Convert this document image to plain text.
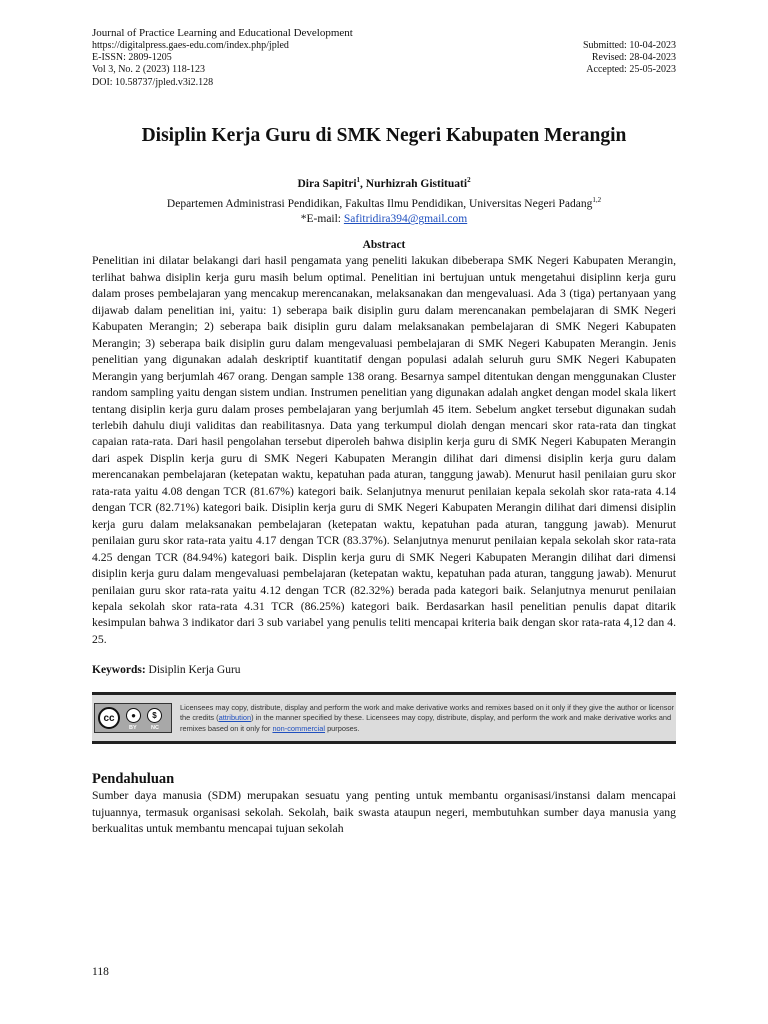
Journal of Practice Learning and Educational Development
https://digitalpress.gaes-edu.com/index.php/jpled
E-ISSN: 2809-1205
Vol 3, No. 2 (2023) 118-123
DOI: 10.58737/jpled.v3i2.128
Submitted: 10-04-2023
Revised: 28-04-2023
Accepted: 25-05-2023
Disiplin Kerja Guru di SMK Negeri Kabupaten Merangin
Dira Sapitri$^1$, Nurhizrah Gistituati$^2$
Departemen Administrasi Pendidikan, Fakultas Ilmu Pendidikan, Universitas Negeri Padang$^{1,2}$
*E-mail: Safitridira394@gmail.com
Abstract
Penelitian ini dilatar belakangi dari hasil pengamata yang peneliti lakukan dibeberapa SMK Negeri Kabupaten Merangin, terlihat bahwa disiplin kerja guru masih belum optimal. Penelitian ini bertujuan untuk mengetahui disiplinn kerja guru dalam proses pembelajaran yang mencakup merencanakan, melaksanakan dan mengevaluasi. Ada 3 (tiga) pertanyaan yang dijawab dalam penelitian ini, yaitu: 1) seberapa baik disiplin guru dalam merencanakan pembelajaran di SMK Negeri Kabupaten Merangin; 2) seberapa baik disiplin guru dalam melaksanakan pembelajaran di SMK Negeri Kabupaten Merangin; 3) seberapa baik disiplin guru dalam mengevaluasi pembelajaran di SMK Negeri Kabupaten Merangin. Jenis penelitian yang digunakan adalah deskriptif kuantitatif dengan populasi adalah seluruh guru SMK Negeri Kabupaten Merangin yang berjumlah 467 orang. Dengan sample 138 orang. Besarnya sampel ditentukan dengan menggunakan Cluster random sampling yaitu dengan sistem undian. Instrumen penelitian yang digunakan adalah angket dengan model skala likert tentang disiplin kerja guru dalam proses pembelajaran yang berjumlah 45 item. Sebelum angket tersebut digunakan sudah terlebih dahulu diuji validitas dan reabilitasnya. Data yang terkumpul diolah dengan mencari skor rata-rata dan tingkat capaian rata-rata. Dari hasil pengolahan tersebut diperoleh bahwa disiplin kerja guru di SMK Negeri Kabupaten Merangin dari aspek Displin kerja guru di SMK Negeri Kabupaten Merangin dilihat dari dimensi disiplin kerja guru dalam merencanakan pembelajaran (ketepatan waktu, kepatuhan pada aturan, tanggung jawab). Menurut hasil penilaian guru skor rata-rata yaitu 4.08 dengan TCR (81.67%) kategori baik. Selanjutnya menurut penilaian kepala sekolah skor rata-rata 4.14 dengan TCR (82.71%) kategori baik. Disiplin kerja guru di SMK Negeri Kabupaten Merangin dilihat dari dimensi disiplin kerja guru dalam melaksanakan pembelajaran (ketepatan waktu, kepatuhan pada aturan, tanggung jawab). Menurut penilaian guru skor rata-rata yaitu 4.17 dengan TCR (83.37%). Selanjutnya menurut penilaian kepala sekolah skor rata-rata 4.25 dengan TCR (84.94%) kategori baik. Displin kerja guru di SMK Negeri Kabupaten Merangin dilihat dari dimensi disiplin kerja guru dalam mengevaluasi pembelajaran (ketepatan waktu, kepatuhan pada aturan, tanggung jawab). Menurut penilaian guru skor rata-rata yaitu 4.12 dengan TCR (82.32%) berada pada kategori baik. Selanjutnya menurut penilaian kepala sekolah skor rata-rata 4.31 TCR (86.25%) kategori baik. Berdasarkan hasil penelitian penulis dapat ditarik kesimpulan bahwa 3 indikator dari 3 sub variabel yang penulis teliti mencapai kriteria baik dengan skor rata-rata 4,12 dan 4. 25.
Keywords: Disiplin Kerja Guru
cc	●	$
BY	NC
Licensees may copy, distribute, display and perform the work and make derivative works and remixes based on it only if they give the author or licensor the credits (attribution) in the manner specified by these. Licensees may copy, distribute, display, and perform the work and make derivative works and remixes based on it only for non-commercial purposes.
Pendahuluan
Sumber daya manusia (SDM) merupakan sesuatu yang penting untuk membantu organisasi/instansi dalam mencapai tujuannya, termasuk organisasi sekolah. Sekolah, baik swasta ataupun negeri, membutuhkan sumber daya manusia yang berkualitas untuk membantu mencapai tujuan sekolah
118
